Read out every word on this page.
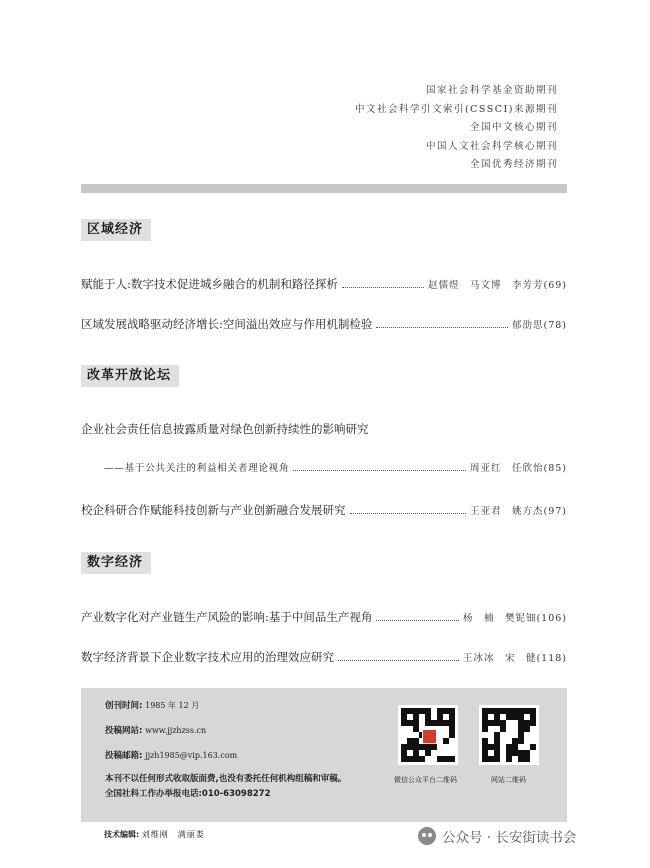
国家社会科学基金资助期刊
中文社会科学引文索引(CSSCI)来源期刊
全国中文核心期刊
中国人文社会科学核心期刊
全国优秀经济期刊
区域经济
赋能于人:数字技术促进城乡融合的机制和路径探析	赵儒煜　马文博　李芳芳(69)
区域发展战略驱动经济增长:空间溢出效应与作用机制检验	郁劭思(78)
改革开放论坛
企业社会责任信息披露质量对绿色创新持续性的影响研究
——基于公共关注的利益相关者理论视角	周亚红　任欣怡(85)
校企科研合作赋能科技创新与产业创新融合发展研究	王亚君　姚方杰(97)
数字经济
产业数字化对产业链生产风险的影响:基于中间品生产视角	杨　楠　樊铌钿(106)
数字经济背景下企业数字技术应用的治理效应研究	王冰冰　宋　健(118)
创刊时间: 1985 年 12 月
投稿网站: www.jjzhzss.cn
投稿邮箱: jjzh1985@vip.163.com
本刊不以任何形式收取版面费,也没有委托任何机构组稿和审稿。
全国社科工作办举报电话:010-63098272
微信公众平台二维码	网站二维码
技术编辑: 刘维刚　满丽娄	公众号 · 长安街读书会
